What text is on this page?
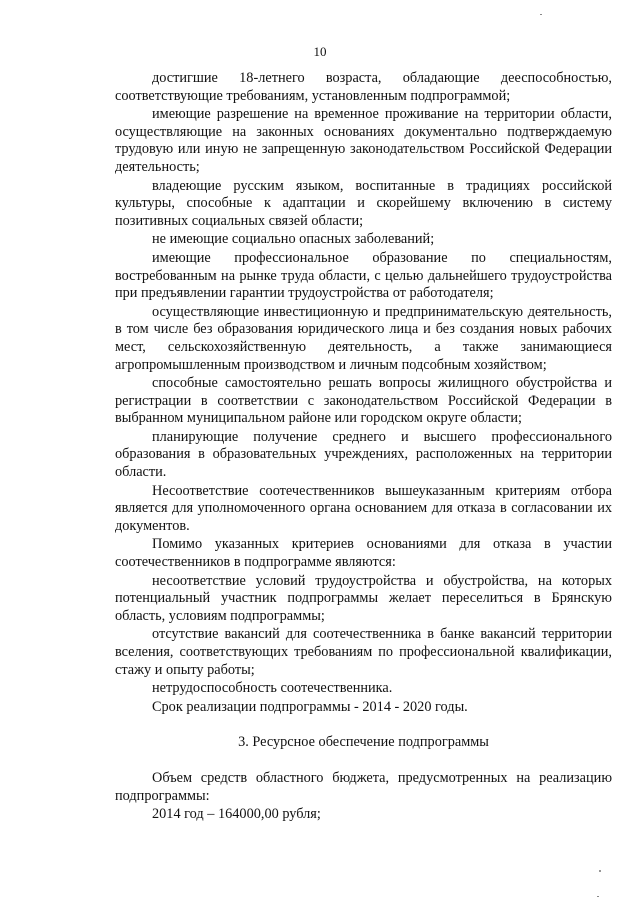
10

достигшие 18-летнего возраста, обладающие дееспособностью, соответствующие требованиям, установленным подпрограммой;

имеющие разрешение на временное проживание на территории области, осуществляющие на законных основаниях документально подтверждаемую трудовую или иную не запрещенную законодательством Российской Федерации деятельность;

владеющие русским языком, воспитанные в традициях российской культуры, способные к адаптации и скорейшему включению в систему позитивных социальных связей области;

не имеющие социально опасных заболеваний;

имеющие профессиональное образование по специальностям, востребованным на рынке труда области, с целью дальнейшего трудоустройства при предъявлении гарантии трудоустройства от работодателя;

осуществляющие инвестиционную и предпринимательскую деятельность, в том числе без образования юридического лица и без создания новых рабочих мест, сельскохозяйственную деятельность, а также занимающиеся агропромышленным производством и личным подсобным хозяйством;

способные самостоятельно решать вопросы жилищного обустройства и регистрации в соответствии с законодательством Российской Федерации в выбранном муниципальном районе или городском округе области;

планирующие получение среднего и высшего профессионального образования в образовательных учреждениях, расположенных на территории области.

Несоответствие соотечественников вышеуказанным критериям отбора является для уполномоченного органа основанием для отказа в согласовании их документов.

Помимо указанных критериев основаниями для отказа в участии соотечественников в подпрограмме являются:

несоответствие условий трудоустройства и обустройства, на которых потенциальный участник подпрограммы желает переселиться в Брянскую область, условиям подпрограммы;

отсутствие вакансий для соотечественника в банке вакансий территории вселения, соответствующих требованиям по профессиональной квалификации, стажу и опыту работы;

нетрудоспособность соотечественника.

Срок реализации подпрограммы - 2014 - 2020 годы.

3. Ресурсное обеспечение подпрограммы

Объем средств областного бюджета, предусмотренных на реализацию подпрограммы:

2014 год – 164000,00 рубля;
